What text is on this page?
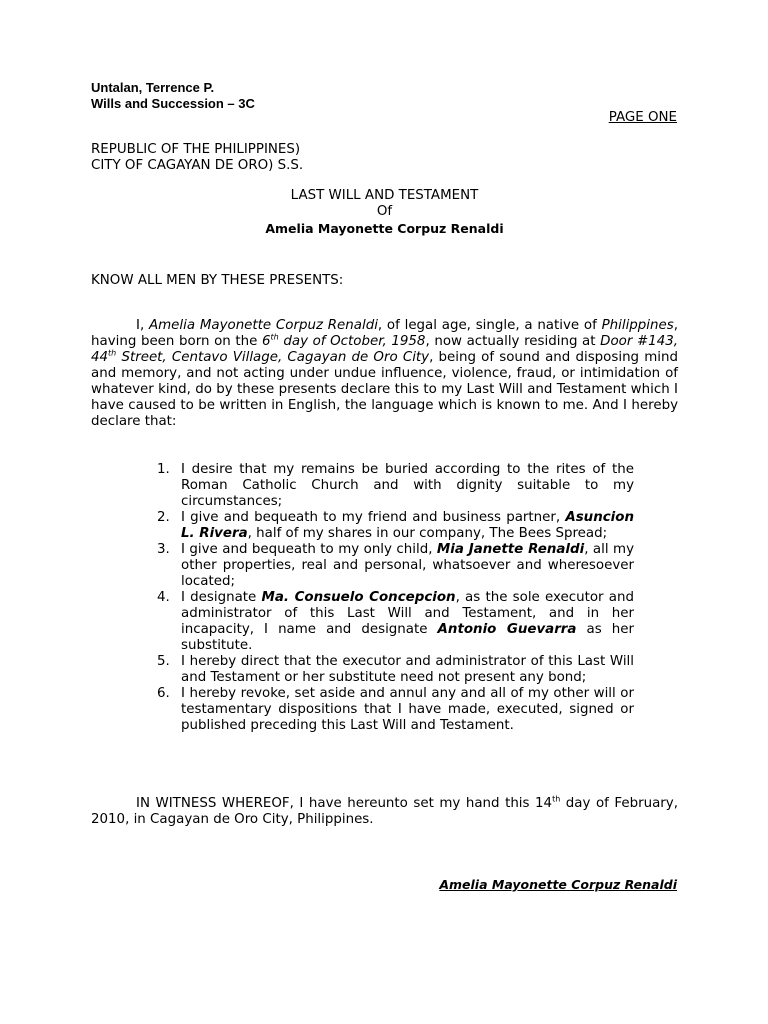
Untalan, Terrence P.
Wills and Succession – 3C
PAGE ONE
REPUBLIC OF THE PHILIPPINES)
CITY OF CAGAYAN DE ORO) S.S.
LAST WILL AND TESTAMENT
Of
Amelia Mayonette Corpuz Renaldi
KNOW ALL MEN BY THESE PRESENTS:
I, Amelia Mayonette Corpuz Renaldi, of legal age, single, a native of Philippines, having been born on the 6th day of October, 1958, now actually residing at Door #143, 44th Street, Centavo Village, Cagayan de Oro City, being of sound and disposing mind and memory, and not acting under undue influence, violence, fraud, or intimidation of whatever kind, do by these presents declare this to my Last Will and Testament which I have caused to be written in English, the language which is known to me. And I hereby declare that:
1. I desire that my remains be buried according to the rites of the Roman Catholic Church and with dignity suitable to my circumstances;
2. I give and bequeath to my friend and business partner, Asuncion L. Rivera, half of my shares in our company, The Bees Spread;
3. I give and bequeath to my only child, Mia Janette Renaldi, all my other properties, real and personal, whatsoever and wheresoever located;
4. I designate Ma. Consuelo Concepcion, as the sole executor and administrator of this Last Will and Testament, and in her incapacity, I name and designate Antonio Guevarra as her substitute.
5. I hereby direct that the executor and administrator of this Last Will and Testament or her substitute need not present any bond;
6. I hereby revoke, set aside and annul any and all of my other will or testamentary dispositions that I have made, executed, signed or published preceding this Last Will and Testament.
IN WITNESS WHEREOF, I have hereunto set my hand this 14th day of February, 2010, in Cagayan de Oro City, Philippines.
Amelia Mayonette Corpuz Renaldi
